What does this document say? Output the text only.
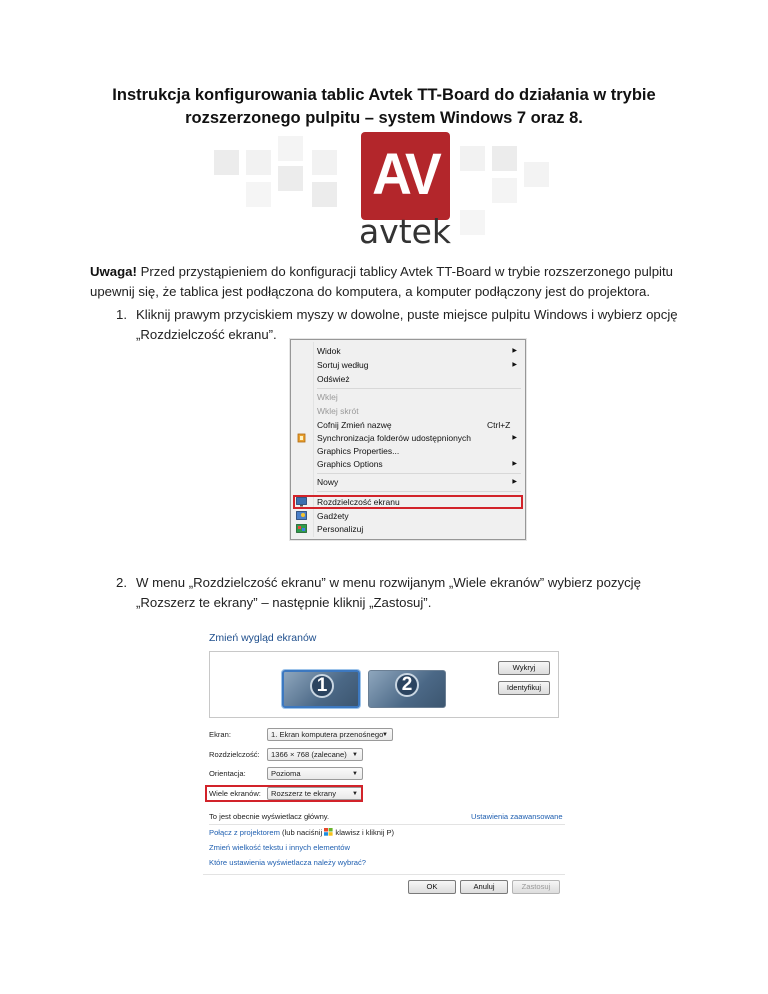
Instrukcja konfigurowania tablic Avtek TT-Board do działania w trybie
rozszerzonego pulpitu – system Windows 7 oraz 8.
AV
avtek
Uwaga! Przed przystąpieniem do konfiguracji tablicy Avtek TT-Board w trybie rozszerzonego pulpitu
upewnij się, że tablica jest podłączona do komputera, a komputer podłączony jest do projektora.
1. Kliknij prawym przyciskiem myszy w dowolne, puste miejsce pulpitu Windows i wybierz opcję
„Rozdzielczość ekranu”.
Widok	▶
Sortuj według	▶
Odśwież
Wklej
Wklej skrót
Cofnij Zmień nazwę	Ctrl+Z
Synchronizacja folderów udostępnionych	▶
Graphics Properties...
Graphics Options	▶
Nowy	▶
Rozdzielczość ekranu
Gadżety
Personalizuj
2. W menu „Rozdzielczość ekranu” w menu rozwijanym „Wiele ekranów” wybierz pozycję
„Rozszerz te ekrany” – następnie kliknij „Zastosuj”.
Zmień wygląd ekranów
1	2
Wykryj
Identyfikuj
Ekran:	1. Ekran komputera przenośnego
▼
Rozdzielczość:	1366 × 768 (zalecane) ▼
Orientacja:	Pozioma	▼
Wiele ekranów:	Rozszerz te ekrany	▼
To jest obecnie wyświetlacz główny.	Ustawienia zaawansowane
Połącz z projektorem (lub naciśnij klawisz i kliknij P)
Zmień wielkość tekstu i innych elementów
Które ustawienia wyświetlacza należy wybrać?
OK	Anuluj	Zastosuj
